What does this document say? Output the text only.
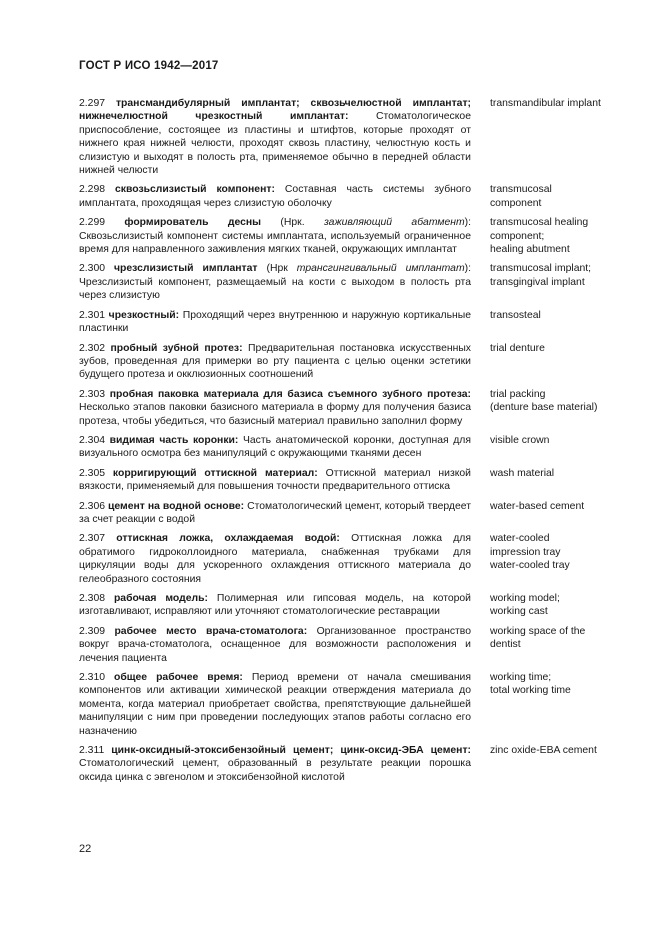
ГОСТ Р ИСО 1942—2017
2.297 трансмандибулярный имплантат; сквозьчелюстной имплантат; нижнечелюстной чрезкостный имплантат:	Стоматологическое приспособление, состоящее из пластины и штифтов, которые проходят от нижнего края нижней челюсти, проходят сквозь пластину, челюстную кость и слизистую и выходят в полость рта, применяемое обычно в передней области нижней челюсти
transmandibular implant
2.298 сквозьслизистый компонент: Составная часть системы зубного имплантата, проходящая через слизистую оболочку
transmucosal
component
2.299 формирователь десны (Нрк. заживляющий абатмент): Сквозьслизистый компонент системы имплантата, используемый ограниченное время для направленного заживления мягких тканей, окружающих имплантат
transmucosal healing
component;
healing abutment
2.300 чрезслизистый имплантат (Нрк трансгингивальный имплантат): Чрезслизистый компонент, размещаемый на кости с выходом в полость рта через слизистую
transmucosal implant;
transgingival implant
2.301 чрезкостный: Проходящий через внутреннюю и наружную кортикальные пластинки
transosteal
2.302 пробный зубной протез: Предварительная постановка искусственных зубов, проведенная для примерки во рту пациента с целью оценки эстетики будущего протеза и окклюзионных соотношений
trial denture
2.303 пробная паковка материала для базиса съемного зубного протеза: Несколько этапов паковки базисного материала в форму для получения базиса протеза, чтобы убедиться, что базисный материал правильно заполнил форму
trial packing
(denture base material)
2.304 видимая часть коронки: Часть анатомической коронки, доступная для визуального осмотра без манипуляций с окружающими тканями десен
visible crown
2.305 корригирующий оттискной материал: Оттискной материал низкой вязкости, применяемый для повышения точности предварительного оттиска
wash material
2.306 цемент на водной основе: Стоматологический цемент, который твердеет за счет реакции с водой
water-based cement
2.307 оттискная ложка, охлаждаемая водой: Оттискная ложка для обратимого гидроколлоидного материала, снабженная трубками для циркуляции воды для ускоренного охлаждения оттискного материала до гелеобразного состояния
water-cooled
impression tray
water-cooled tray
2.308 рабочая модель: Полимерная или гипсовая модель, на которой изготавливают, исправляют или уточняют стоматологические реставрации
working model;
working cast
2.309 рабочее место врача-стоматолога: Организованное пространство вокруг врача-стоматолога, оснащенное для возможности расположения и лечения пациента
working space of the
dentist
2.310 общее рабочее время: Период времени от начала смешивания компонентов или активации химической реакции отверждения материала до момента, когда материал приобретает свойства, препятствующие дальнейшей манипуляции с ним при проведении последующих этапов работы согласно его назначению
working time;
total working time
2.311 цинк-оксидный-этоксибензойный цемент; цинк-оксид-ЭБА цемент: Стоматологический цемент, образованный в результате реакции порошка оксида цинка с эвгенолом и этоксибензойной кислотой
zinc oxide-EBA cement
22
